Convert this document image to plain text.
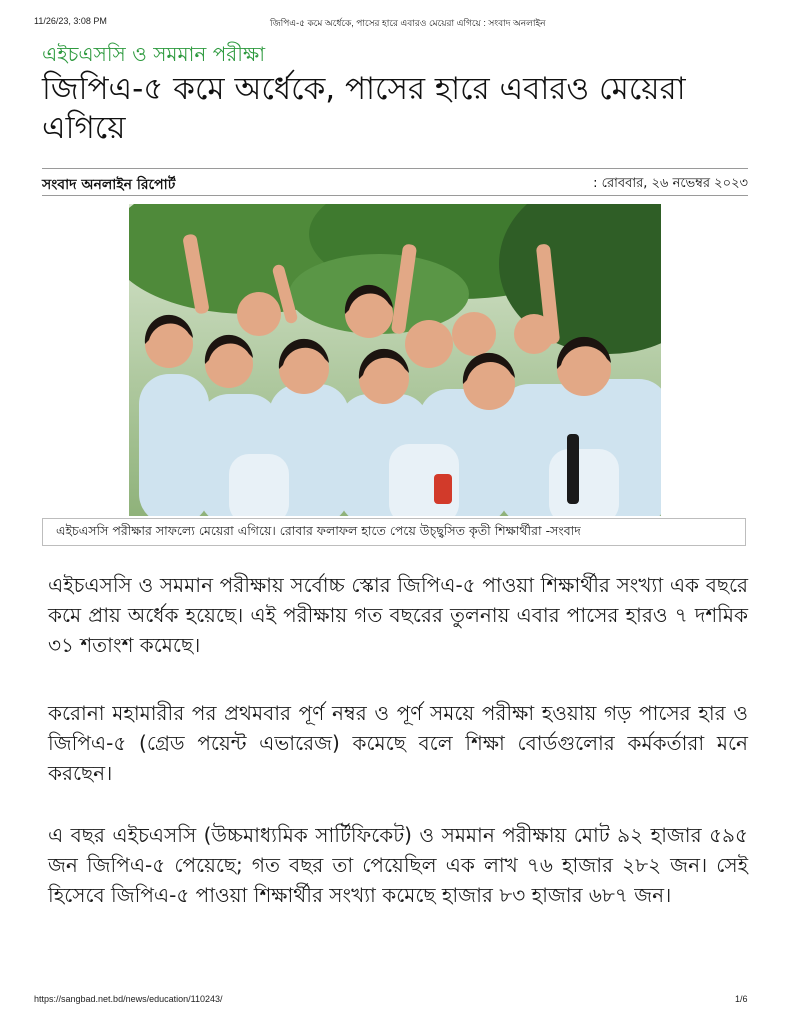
11/26/23, 3:08 PM	জিপিএ-৫ কমে অর্ধেকে, পাসের হারে এবারও মেয়েরা এগিয়ে : সংবাদ অনলাইন
এইচএসসি ও সমমান পরীক্ষা
জিপিএ-৫ কমে অর্ধেকে, পাসের হারে এবারও মেয়েরা এগিয়ে
সংবাদ অনলাইন রিপোর্ট	: রোববার, ২৬ নভেম্বর ২০২৩
এইচএসসি পরীক্ষার সাফল্যে মেয়েরা এগিয়ে। রোবার ফলাফল হাতে পেয়ে উচ্ছ্বসিত কৃতী শিক্ষার্থীরা -সংবাদ

এইচএসসি ও সমমান পরীক্ষায় সর্বোচ্চ স্কোর জিপিএ-৫ পাওয়া শিক্ষার্থীর সংখ্যা এক বছরে কমে প্রায় অর্ধেক হয়েছে। এই পরীক্ষায় গত বছরের তুলনায় এবার পাসের হারও ৭ দশমিক ৩১ শতাংশ কমেছে।

করোনা মহামারীর পর প্রথমবার পূর্ণ নম্বর ও পূর্ণ সময়ে পরীক্ষা হওয়ায় গড় পাসের হার ও জিপিএ-৫ (গ্রেড পয়েন্ট এভারেজ) কমেছে বলে শিক্ষা বোর্ডগুলোর কর্মকর্তারা মনে করছেন।

এ বছর এইচএসসি (উচ্চমাধ্যমিক সার্টিফিকেট) ও সমমান পরীক্ষায় মোট ৯২ হাজার ৫৯৫ জন জিপিএ-৫ পেয়েছে; গত বছর তা পেয়েছিল এক লাখ ৭৬ হাজার ২৮২ জন। সেই হিসেবে জিপিএ-৫ পাওয়া শিক্ষার্থীর সংখ্যা কমেছে হাজার ৮৩ হাজার ৬৮৭ জন।

https://sangbad.net.bd/news/education/110243/	1/6
